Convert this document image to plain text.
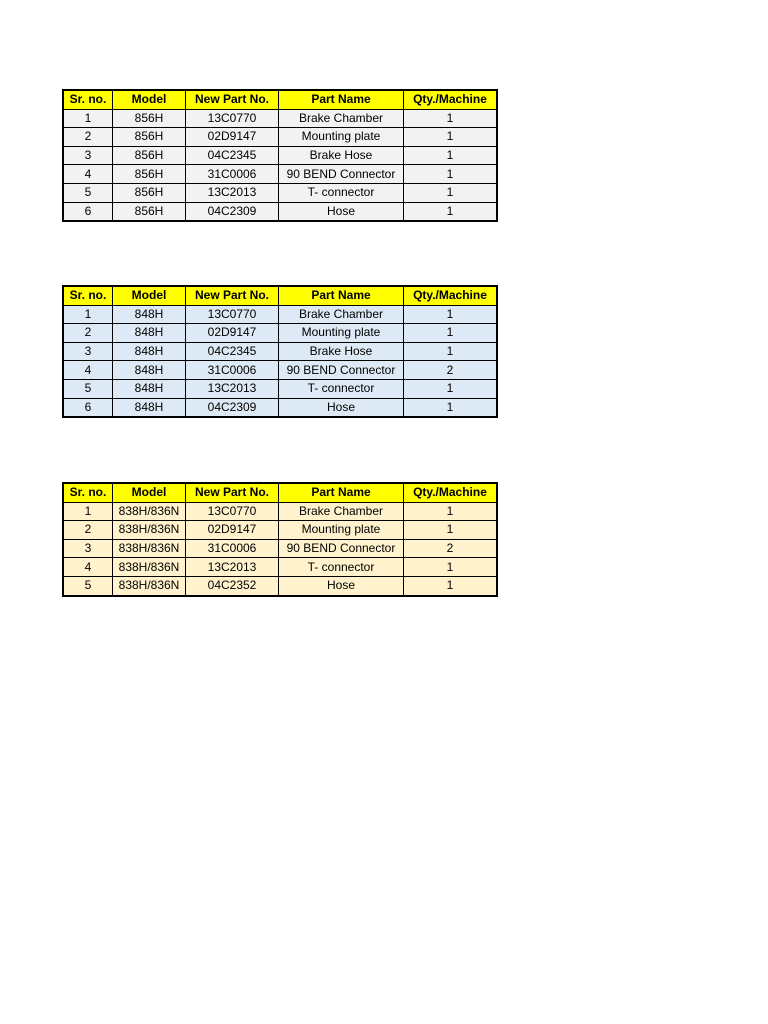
Sr. no.	Model	New Part No.	Part Name	Qty./Machine
1	856H	13C0770	Brake Chamber	1
2	856H	02D9147	Mounting plate	1
3	856H	04C2345	Brake Hose	1
4	856H	31C0006	90 BEND Connector	1
5	856H	13C2013	T- connector	1
6	856H	04C2309	Hose	1
Sr. no.	Model	New Part No.	Part Name	Qty./Machine
1	848H	13C0770	Brake Chamber	1
2	848H	02D9147	Mounting plate	1
3	848H	04C2345	Brake Hose	1
4	848H	31C0006	90 BEND Connector	2
5	848H	13C2013	T- connector	1
6	848H	04C2309	Hose	1
Sr. no.	Model	New Part No.	Part Name	Qty./Machine
1	838H/836N	13C0770	Brake Chamber	1
2	838H/836N	02D9147	Mounting plate	1
3	838H/836N	31C0006	90 BEND Connector	2
4	838H/836N	13C2013	T- connector	1
5	838H/836N	04C2352	Hose	1
